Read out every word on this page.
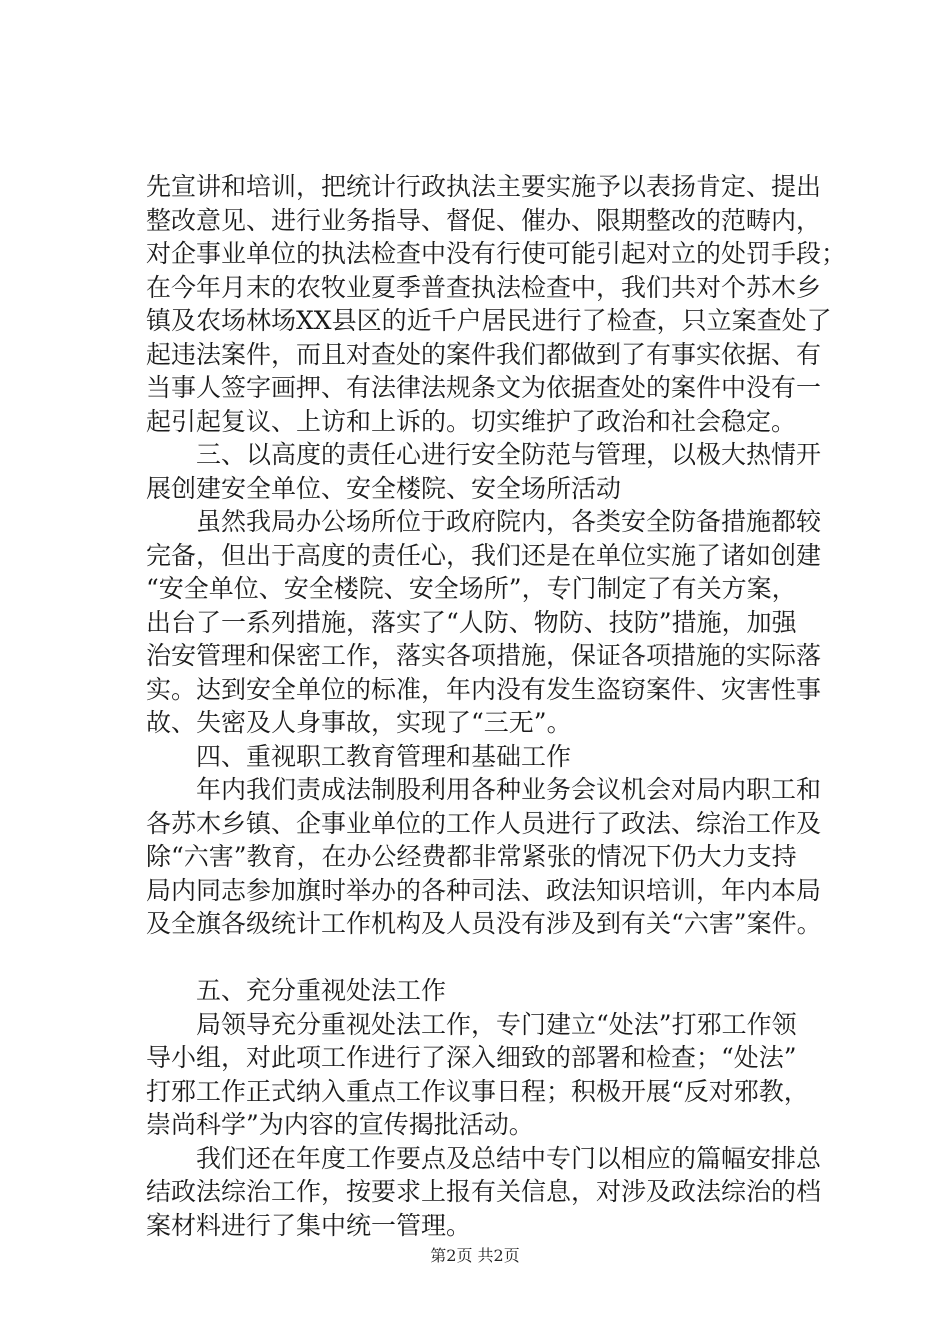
先宣讲和培训，把统计行政执法主要实施予以表扬肯定、提出
整改意见、进行业务指导、督促、催办、限期整改的范畴内，
对企事业单位的执法检查中没有行使可能引起对立的处罚手段；
在今年月末的农牧业夏季普查执法检查中，我们共对个苏木乡
镇及农场林场XX县区的近千户居民进行了检查，只立案查处了
起违法案件，而且对查处的案件我们都做到了有事实依据、有
当事人签字画押、有法律法规条文为依据查处的案件中没有一
起引起复议、上访和上诉的。切实维护了政治和社会稳定。
三、以高度的责任心进行安全防范与管理，以极大热情开
展创建安全单位、安全楼院、安全场所活动
虽然我局办公场所位于政府院内，各类安全防备措施都较
完备，但出于高度的责任心，我们还是在单位实施了诸如创建
“安全单位、安全楼院、安全场所”，专门制定了有关方案，
出台了一系列措施，落实了“人防、物防、技防”措施，加强
治安管理和保密工作，落实各项措施，保证各项措施的实际落
实。达到安全单位的标准，年内没有发生盗窃案件、灾害性事
故、失密及人身事故，实现了“三无”。
四、重视职工教育管理和基础工作
年内我们责成法制股利用各种业务会议机会对局内职工和
各苏木乡镇、企事业单位的工作人员进行了政法、综治工作及
除“六害”教育，在办公经费都非常紧张的情况下仍大力支持
局内同志参加旗时举办的各种司法、政法知识培训，年内本局
及全旗各级统计工作机构及人员没有涉及到有关“六害”案件。
五、充分重视处法工作
局领导充分重视处法工作，专门建立“处法”打邪工作领
导小组，对此项工作进行了深入细致的部署和检查；“处法”
打邪工作正式纳入重点工作议事日程；积极开展“反对邪教，
崇尚科学”为内容的宣传揭批活动。
我们还在年度工作要点及总结中专门以相应的篇幅安排总
结政法综治工作，按要求上报有关信息，对涉及政法综治的档
案材料进行了集中统一管理。
第2页 共2页
